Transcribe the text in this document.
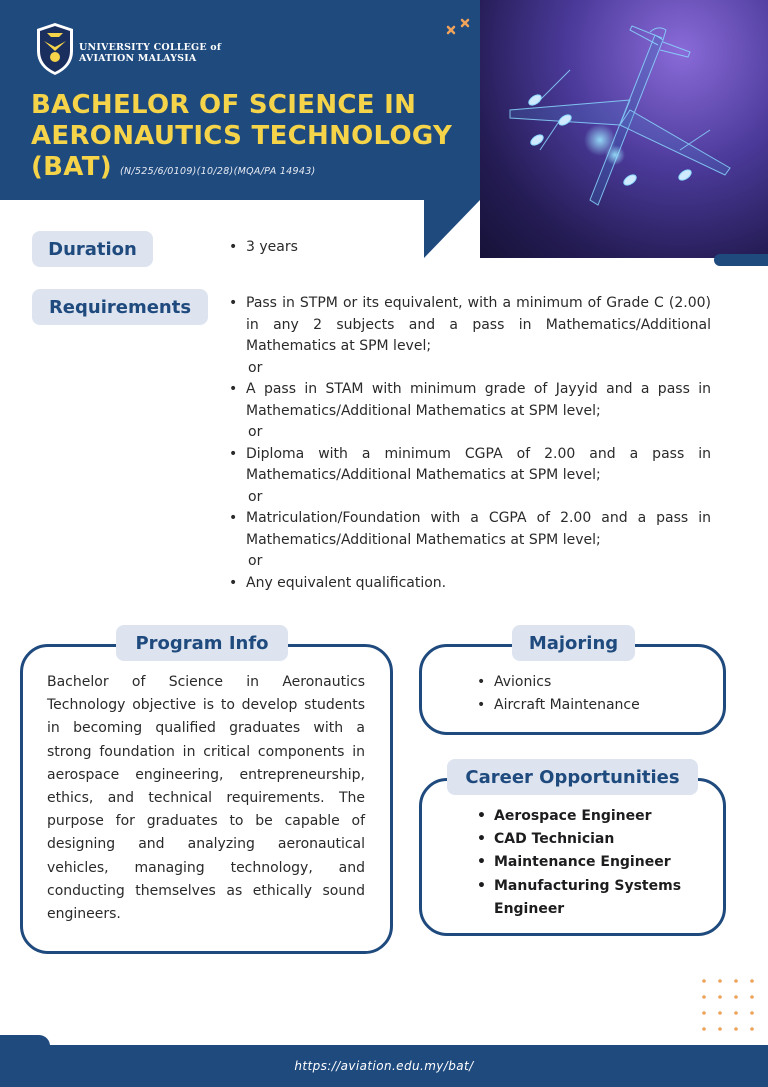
UNIVERSITY COLLEGE of
AVIATION MALAYSIA
BACHELOR OF SCIENCE IN
AERONAUTICS TECHNOLOGY
(BAT) (N/525/6/0109)(10/28)(MQA/PA 14943)
Duration	• 3 years
Requirements	• Pass in STPM or its equivalent, with a minimum of Grade C (2.00) in any 2 subjects and a pass in Mathematics/Additional Mathematics at SPM level;
or
• A pass in STAM with minimum grade of Jayyid and a pass in Mathematics/Additional Mathematics at SPM level;
or
• Diploma with a minimum CGPA of 2.00 and a pass in Mathematics/Additional Mathematics at SPM level;
or
• Matriculation/Foundation with a CGPA of 2.00 and a pass in Mathematics/Additional Mathematics at SPM level;
or
• Any equivalent qualification.
Program Info
Bachelor of Science in Aeronautics Technology objective is to develop students in becoming qualified graduates with a strong foundation in critical components in aerospace engineering, entrepreneurship, ethics, and technical requirements. The purpose for graduates to be capable of designing and analyzing aeronautical vehicles, managing technology, and conducting themselves as ethically sound engineers.
Majoring
• Avionics
• Aircraft Maintenance
Career Opportunities
• Aerospace Engineer
• CAD Technician
• Maintenance Engineer
• Manufacturing Systems Engineer
https://aviation.edu.my/bat/
